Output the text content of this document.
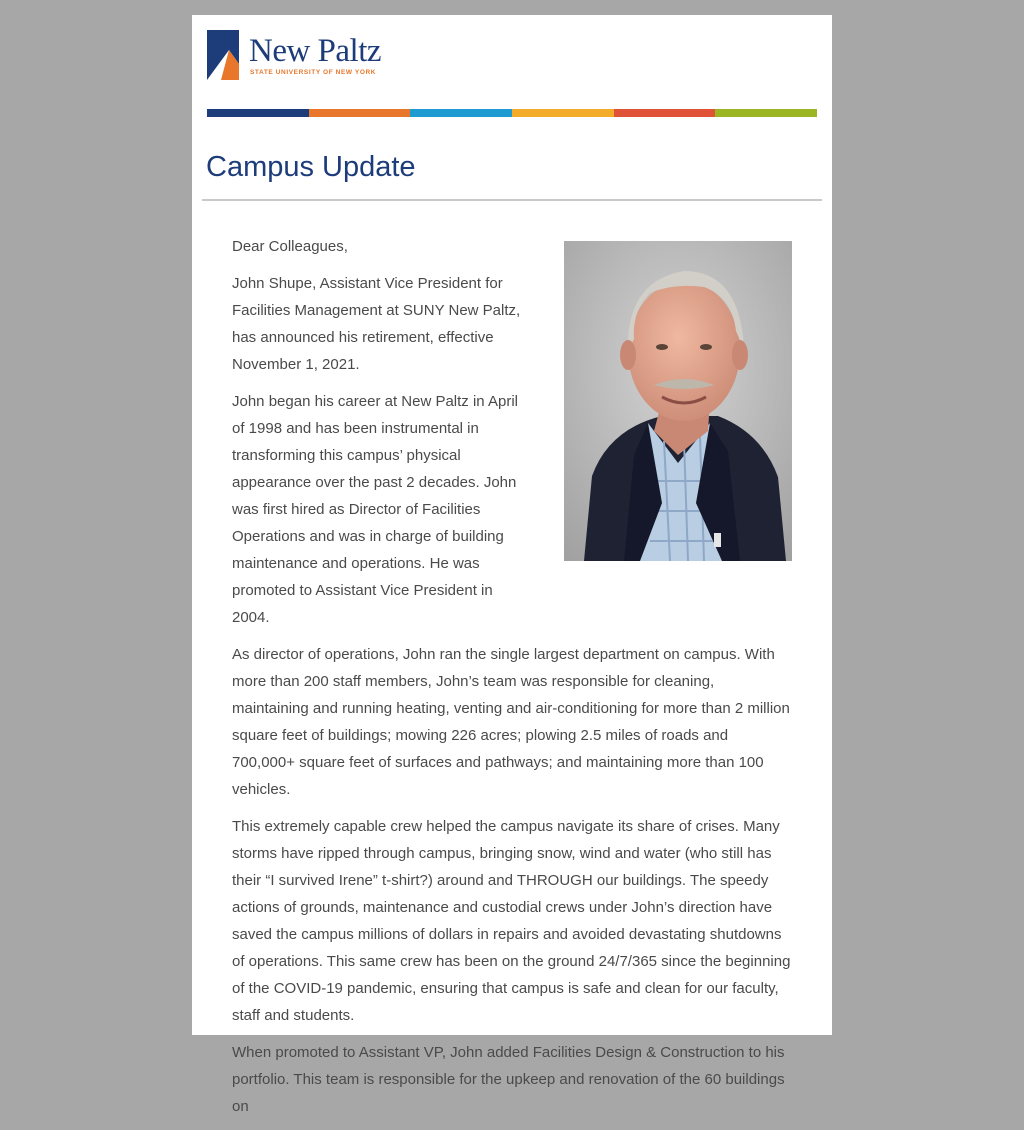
New Paltz
STATE UNIVERSITY OF NEW YORK
Campus Update

Dear Colleagues,

John Shupe, Assistant Vice President for Facilities Management at SUNY New Paltz, has announced his retirement, effective November 1, 2021.

John began his career at New Paltz in April of 1998 and has been instrumental in transforming this campus’ physical appearance over the past 2 decades. John was first hired as Director of Facilities Operations and was in charge of building maintenance and operations. He was promoted to Assistant Vice President in 2004.

As director of operations, John ran the single largest department on campus. With more than 200 staff members, John’s team was responsible for cleaning, maintaining and running heating, venting and air-conditioning for more than 2 million square feet of buildings; mowing 226 acres; plowing 2.5 miles of roads and 700,000+ square feet of surfaces and pathways; and maintaining more than 100 vehicles.

This extremely capable crew helped the campus navigate its share of crises. Many storms have ripped through campus, bringing snow, wind and water (who still has their “I survived Irene” t-shirt?) around and THROUGH our buildings. The speedy actions of grounds, maintenance and custodial crews under John’s direction have saved the campus millions of dollars in repairs and avoided devastating shutdowns of operations. This same crew has been on the ground 24/7/365 since the beginning of the COVID-19 pandemic, ensuring that campus is safe and clean for our faculty, staff and students.

When promoted to Assistant VP, John added Facilities Design & Construction to his portfolio. This team is responsible for the upkeep and renovation of the 60 buildings on
